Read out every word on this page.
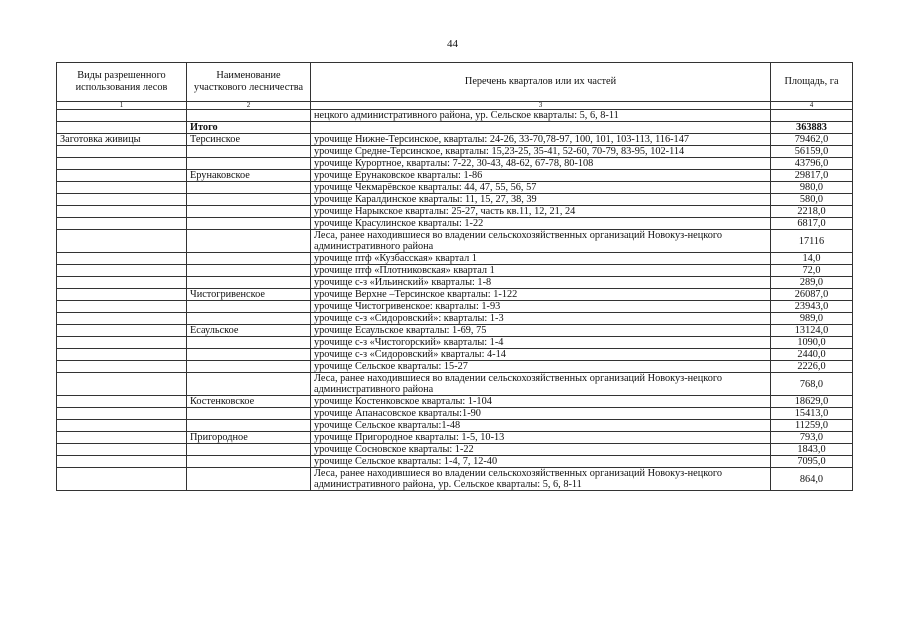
44
Виды разрешенного использования лесов	Наименование участкового лесничества	Перечень кварталов или их частей	Площадь, га
1	2	3	4
		нецкого административного района, ур. Сельское кварталы: 5, 6, 8-11	
	Итого		363883
Заготовка живицы	Терсинское	урочище Нижне-Терсинское, кварталы: 24-26, 33-70,78-97, 100, 101, 103-113, 116-147	79462,0
		урочище Средне-Терсинское, кварталы: 15,23-25, 35-41, 52-60, 70-79, 83-95, 102-114	56159,0
		урочище Курортное, кварталы: 7-22, 30-43, 48-62, 67-78, 80-108	43796,0
	Ерунаковское	урочище Ерунаковское кварталы: 1-86	29817,0
		урочище Чекмарёвское кварталы: 44, 47, 55, 56, 57	980,0
		урочище Каралдинское кварталы: 11, 15, 27, 38, 39	580,0
		урочище Нарыкское кварталы: 25-27, часть кв.11, 12, 21, 24	2218,0
		урочище Красулинское кварталы: 1-22	6817,0
		Леса, ранее находившиеся во владении сельскохозяйственных организаций Новокуз-нецкого административного района	17116
		урочище птф «Кузбасская» квартал 1	14,0
		урочище птф «Плотниковская» квартал 1	72,0
		урочище с-з «Ильинский» кварталы: 1-8	289,0
	Чистогривенское	урочище Верхне –Терсинское кварталы: 1-122	26087,0
		урочище Чистогривенское: кварталы: 1-93	23943,0
		урочище с-з «Сидоровский»: кварталы: 1-3	989,0
	Есаульское	урочище Есаульское кварталы: 1-69, 75	13124,0
		урочище с-з «Чистогорский» кварталы: 1-4	1090,0
		урочище с-з «Сидоровский» кварталы: 4-14	2440,0
		урочище Сельское кварталы: 15-27	2226,0
		Леса, ранее находившиеся во владении сельскохозяйственных организаций Новокуз-нецкого административного района	768,0
	Костенковское	урочище Костенковское кварталы: 1-104	18629,0
		урочище Апанасовское кварталы:1-90	15413,0
		урочище Сельское кварталы:1-48	11259,0
	Пригородное	урочище Пригородное кварталы: 1-5, 10-13	793,0
		урочище Сосновское кварталы: 1-22	1843,0
		урочище Сельское кварталы: 1-4, 7, 12-40	7095,0
		Леса, ранее находившиеся во владении сельскохозяйственных организаций Новокуз-нецкого административного района, ур. Сельское кварталы: 5, 6, 8-11	864,0
